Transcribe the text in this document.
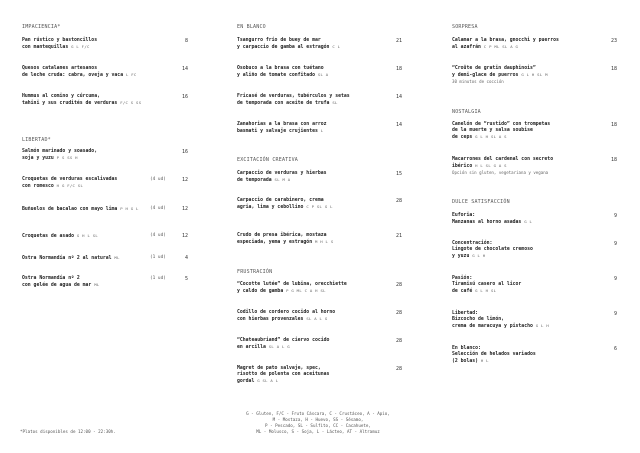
IMPACIENCIA*
Pan rústico y bastoncillos
con mantequillas G L F/C
8
Quesos catalanes artesanos
de leche cruda: cabra, oveja y vaca L FC
14
Hummus al comino y cúrcuma,
tahini y sus crudités de verduras F/C S SS
16
LIBERTAD*
Salmón marinado y soasado,
soja y yuzu P S SS H
16
Croquetas de verduras escalivadas
con romesco H G F/C SL
(4 ud)	12
Buñuelos de bacalao con mayo lima P H G L	(4 ud)	12
Croquetas de asado G H L SL	(4 ud)	12
Ostra Normandía nº 2 al natural ML	(1 ud)	4
Ostra Normandía nº 2
con gelée de agua de mar ML
(1 ud)	5
EN BLANCO
Tsangurro frío de buey de mar
y carpaccio de gamba al estragón C L
21
Osobuco a la brasa con tuétano
y aliño de tomate confitado SL A
18
Fricasé de verduras, tubérculos y setas
de temporada con aceite de trufa SL
14
Zanahorias a la brasa con arroz
basmati y salvaje crujientes L
14
EXCITACIÓN CREATIVA
Carpaccio de verduras y hierbas
de temporada SL M A
15
Carpaccio de carabinero, crema
agria, lima y cebollino C P SL G L
28
Crudo de presa ibérica, mostaza
especiada, yema y estragón M H L S
21
FRUSTRACIÓN
“Cocotte lutée” de lubina, orecchiette
y caldo de gamba P G ML C A H SL
28
Codillo de cordero cocido al horno
con hierbas provenzales SL A L G
28
“Chateaubriand” de ciervo cocido
en arcilla SL A L G
28
Magret de pato salvaje, spec,
risotto de polenta con aceitunas
gordal G SL A L
28
SORPRESA
Calamar a la brasa, gnocchi y puerros
al azafrán C P ML SL A G
23
“Croûte de gratin dauphinois”
y demi-glace de puerros G L H SL M
30 minutos de cocción
18
NOSTALGIA
Canelón de “rustido” con trompetas
de la muerte y salsa soubise
de ceps G L H SL A S
18
Macarrones del cardenal con secreto
ibérico H L SL G A S
Opción sin gluten, vegetariana y vegana
18
DULCE SATISFACCIÓN
Euforia:
Manzanas al horno asadas G L
9
Concentración:
Lingote de chocolate cremoso
y yuzu G L H
9
Pasión:
Tiramisú casero al licor
de café G L H SL
9
Libertad:
Bizcocho de limón,
crema de maracuya y pistacho G L H
9
En blanco:
Selección de helados variados
(2 bolas) H L
6
*Platos disponibles de 12:00 - 22:30h.
G - Gluten, F/C - Fruto Cáscara, C - Crustáceo, A - Apio,
M - Mostaza, H - Huevo, SS - Sésamo,
P - Pescado, SL - Sulfito, CC - Cacahuete,
ML - Molusco, S - Soja, L - Lácteo, AT - Altramuz
